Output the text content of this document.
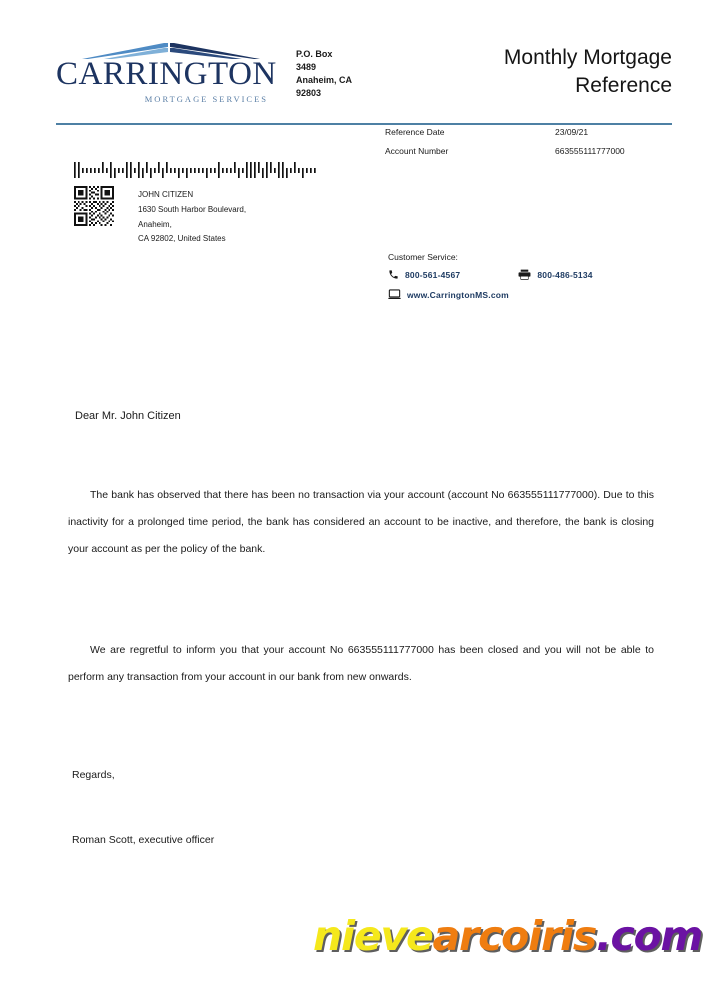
CARRINGTON
MORTGAGE SERVICES
P.O. Box
3489
Anaheim, CA
92803
Monthly Mortgage
Reference
Reference Date	23/09/21
Account Number	663555111777000
JOHN CITIZEN
1630 South Harbor Boulevard,
Anaheim,
CA 92802, United States
Customer Service:
800-561-4567	800-486-5134
www.CarringtonMS.com
Dear Mr. John Citizen
The bank has observed that there has been no transaction via your account (account No 663555111777000). Due to this inactivity for a prolonged time period, the bank has considered an account to be inactive, and therefore, the bank is closing your account as per the policy of the bank.
We are regretful to inform you that your account No 663555111777000 has been closed and you will not be able to perform any transaction from your account in our bank from new onwards.
Regards,
Roman Scott, executive officer
nievearcoiris.com
